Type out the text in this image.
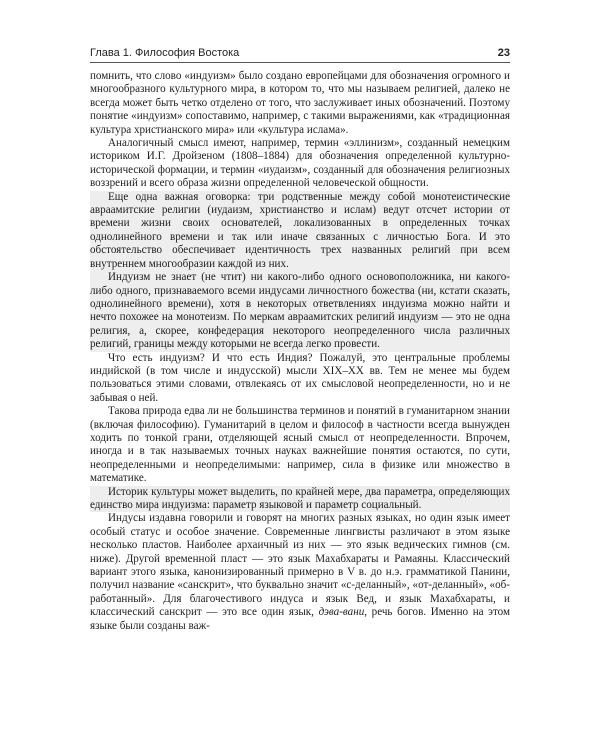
Глава 1. Философия Востока	23

помнить, что слово «индуизм» было создано европейцами для обозначения огромного и многообразного культурного мира, в котором то, что мы называем религией, далеко не всегда может быть четко отделено от того, что заслуживает иных обозначений. Поэтому понятие «индуизм» сопоставимо, например, с такими выражениями, как «традиционная культура христианского мира» или «культура ислама».

Аналогичный смысл имеют, например, термин «эллинизм», созданный немецким историком И.Г. Дройзеном (1808–1884) для обозначения определенной культурно-исторической формации, и термин «иудаизм», созданный для обозначения религиозных воззрений и всего образа жизни определенной человеческой общности.

Еще одна важная оговорка: три родственные между собой монотеистические авраамитские религии (иудаизм, христианство и ислам) ведут отсчет истории от времени жизни своих основателей, локализованных в определенных точках однолинейного времени и так или иначе связанных с личностью Бога. И это обстоятельство обеспечивает идентичность трех названных религий при всем внутреннем многообразии каждой из них.

Индуизм не знает (не чтит) ни какого-либо одного основоположника, ни какого-либо одного, признаваемого всеми индусами личностного божества (ни, кстати сказать, однолинейного времени), хотя в некоторых ответвлениях индуизма можно найти и нечто похожее на монотеизм. По меркам авраамитских религий индуизм — это не одна религия, а, скорее, конфедерация некоторого неопределенного числа различных религий, границы между которыми не всегда легко провести.

Что есть индуизм? И что есть Индия? Пожалуй, это центральные проблемы индийской (в том числе и индусской) мысли XIX–XX вв. Тем не менее мы будем пользоваться этими словами, отвлекаясь от их смысловой неопределенности, но и не забывая о ней.

Такова природа едва ли не большинства терминов и понятий в гуманитарном знании (включая философию). Гуманитарий в целом и философ в частности всегда вынужден ходить по тонкой грани, отделяющей ясный смысл от неопределенности. Впрочем, иногда и в так называемых точных науках важнейшие понятия остаются, по сути, неопределенными и неопределимыми: например, сила в физике или множество в математике.

Историк культуры может выделить, по крайней мере, два параметра, определяющих единство мира индуизма: параметр языковой и параметр социальный.

Индусы издавна говорили и говорят на многих разных языках, но один язык имеет особый статус и особое значение. Современные лингвисты различают в этом языке несколько пластов. Наиболее архаичный из них — это язык ведических гимнов (см. ниже). Другой временной пласт — это язык Махабхараты и Рамаяны. Классический вариант этого языка, канонизированный примерно в V в. до н.э. грамматикой Панини, получил название «санскрит», что буквально значит «с-деланный», «от-деланный», «об-работанный». Для благочестивого индуса и язык Вед, и язык Махабхараты, и классический санскрит — это все один язык, дэва-вани, речь богов. Именно на этом языке были созданы важ-
